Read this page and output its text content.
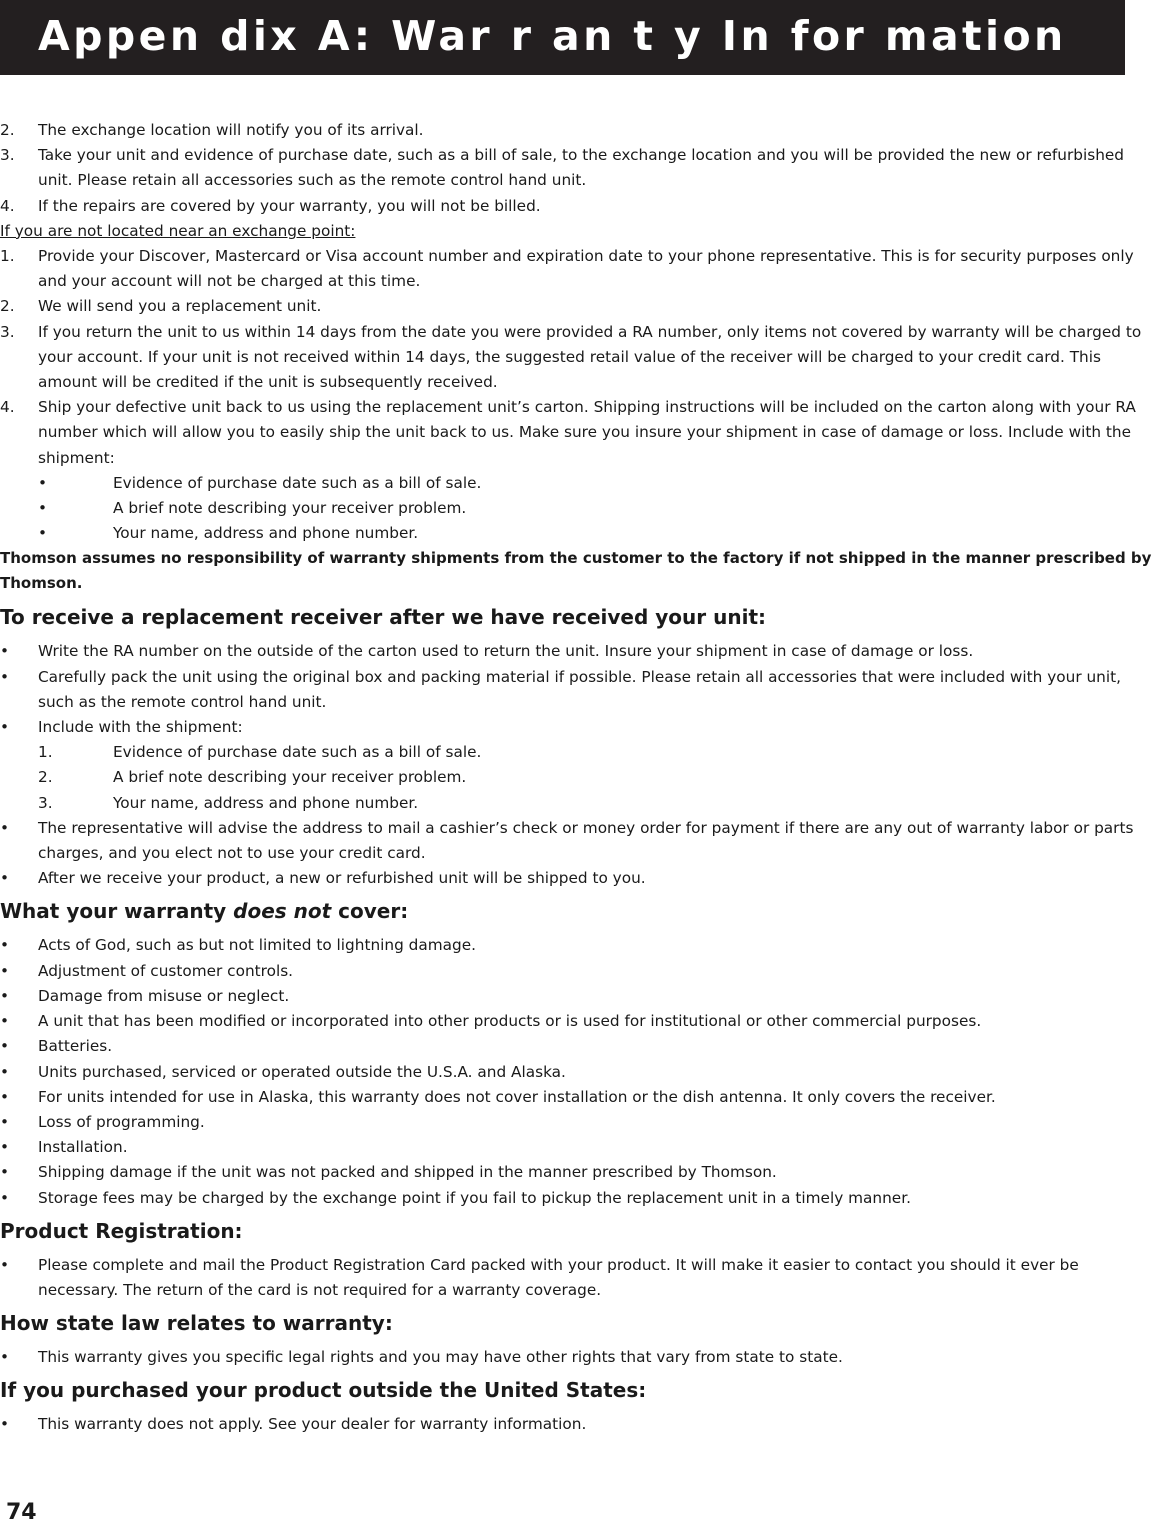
Appen dix A: War r an t y In for mation
2. The exchange location will notify you of its arrival.
3. Take your unit and evidence of purchase date, such as a bill of sale, to the exchange location and you will be provided the new or refurbished unit. Please retain all accessories such as the remote control hand unit.
4. If the repairs are covered by your warranty, you will not be billed.
If you are not located near an exchange point:
1. Provide your Discover, Mastercard or Visa account number and expiration date to your phone representative. This is for security purposes only and your account will not be charged at this time.
2. We will send you a replacement unit.
3. If you return the unit to us within 14 days from the date you were provided a RA number, only items not covered by warranty will be charged to your account. If your unit is not received within 14 days, the suggested retail value of the receiver will be charged to your credit card. This amount will be credited if the unit is subsequently received.
4. Ship your defective unit back to us using the replacement unit’s carton. Shipping instructions will be included on the carton along with your RA number which will allow you to easily ship the unit back to us. Make sure you insure your shipment in case of damage or loss. Include with the shipment:
•	Evidence of purchase date such as a bill of sale.
•	A brief note describing your receiver problem.
•	Your name, address and phone number.
Thomson assumes no responsibility of warranty shipments from the customer to the factory if not shipped in the manner prescribed by Thomson.
To receive a replacement receiver after we have received your unit:
• Write the RA number on the outside of the carton used to return the unit. Insure your shipment in case of damage or loss.
• Carefully pack the unit using the original box and packing material if possible. Please retain all accessories that were included with your unit, such as the remote control hand unit.
• Include with the shipment:
1.	Evidence of purchase date such as a bill of sale.
2.	A brief note describing your receiver problem.
3.	Your name, address and phone number.
• The representative will advise the address to mail a cashier’s check or money order for payment if there are any out of warranty labor or parts charges, and you elect not to use your credit card.
• After we receive your product, a new or refurbished unit will be shipped to you.
What your warranty does not cover:
• Acts of God, such as but not limited to lightning damage.
• Adjustment of customer controls.
• Damage from misuse or neglect.
• A unit that has been modified or incorporated into other products or is used for institutional or other commercial purposes.
• Batteries.
• Units purchased, serviced or operated outside the U.S.A. and Alaska.
• For units intended for use in Alaska, this warranty does not cover installation or the dish antenna. It only covers the receiver.
• Loss of programming.
• Installation.
• Shipping damage if the unit was not packed and shipped in the manner prescribed by Thomson.
• Storage fees may be charged by the exchange point if you fail to pickup the replacement unit in a timely manner.
Product Registration:
• Please complete and mail the Product Registration Card packed with your product. It will make it easier to contact you should it ever be necessary. The return of the card is not required for a warranty coverage.
How state law relates to warranty:
• This warranty gives you specific legal rights and you may have other rights that vary from state to state.
If you purchased your product outside the United States:
• This warranty does not apply. See your dealer for warranty information.
74
